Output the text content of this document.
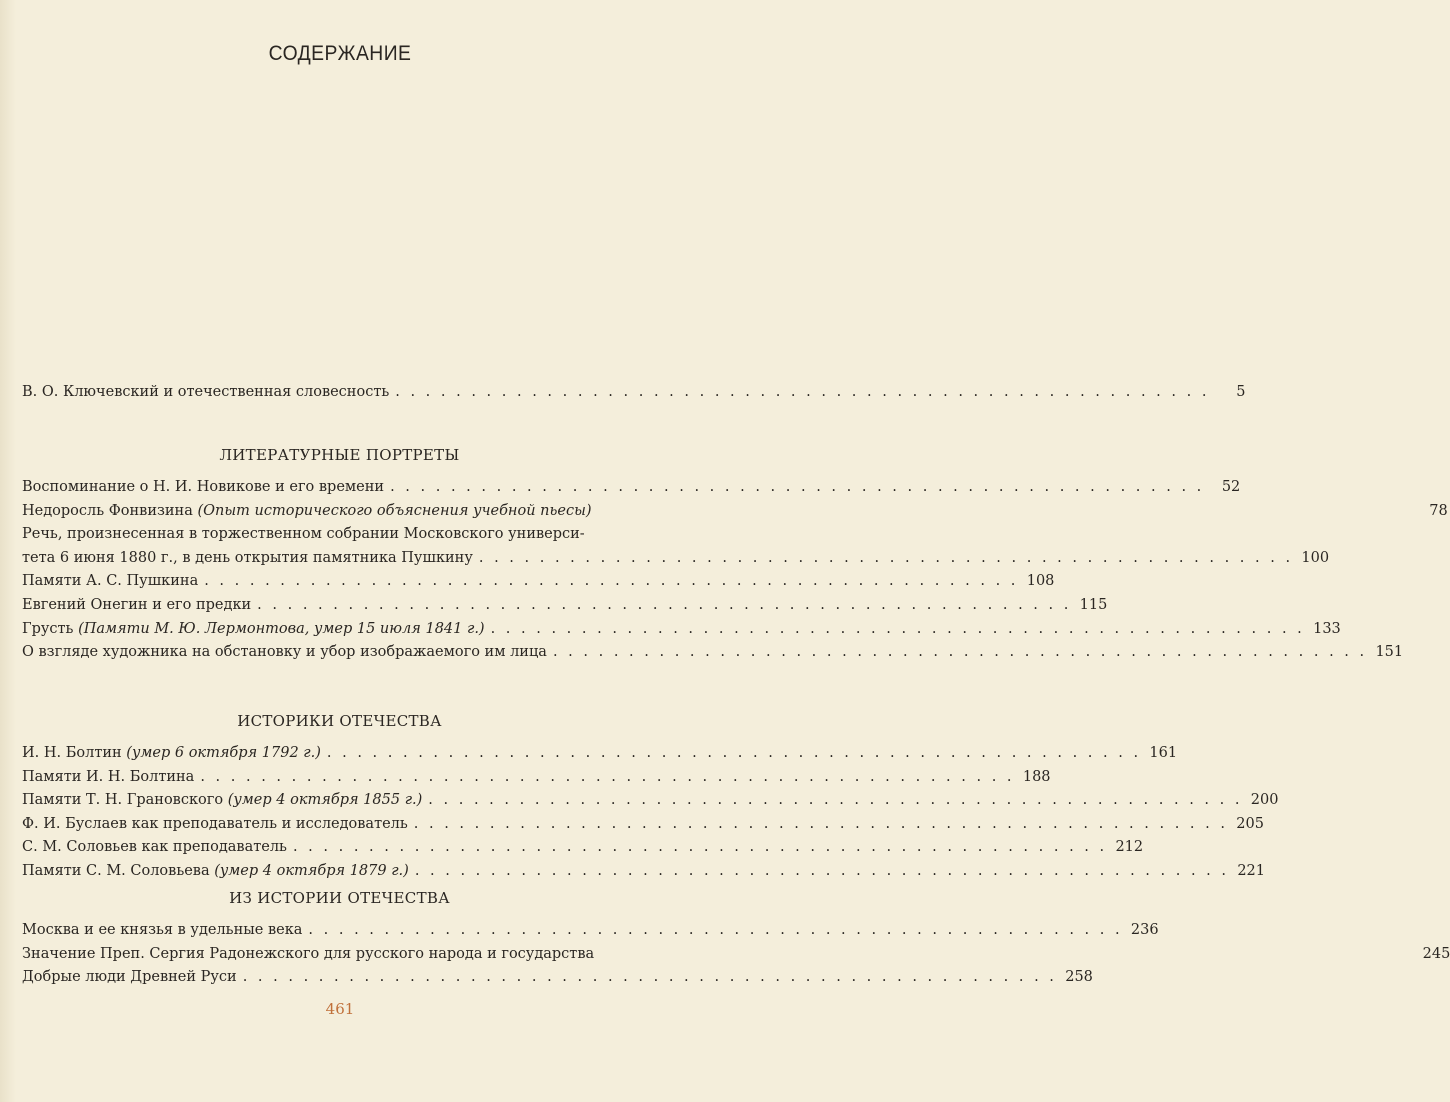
СОДЕРЖАНИЕ
В. О. Ключевский и отечественная словесность . . .	5
ЛИТЕРАТУРНЫЕ ПОРТРЕТЫ
Воспоминание о Н. И. Новикове и его времени . . .	52
Недоросль Фонвизина (Опыт исторического объяснения учебной пьесы)	78
Речь, произнесенная в торжественном собрании Московского универси-
тета 6 июня 1880 г., в день открытия памятника Пушкину . . .	100
Памяти А. С. Пушкина . . .	108
Евгений Онегин и его предки . . .	115
Грусть (Памяти М. Ю. Лермонтова, умер 15 июля 1841 г.) . . .	133
О взгляде художника на обстановку и убор изображаемого им лица . . .	151
ИСТОРИКИ ОТЕЧЕСТВА
И. Н. Болтин (умер 6 октября 1792 г.) . . .	161
Памяти И. Н. Болтина . . .	188
Памяти Т. Н. Грановского (умер 4 октября 1855 г.) . . .	200
Ф. И. Буслаев как преподаватель и исследователь . . .	205
С. М. Соловьев как преподаватель . . .	212
Памяти С. М. Соловьева (умер 4 октября 1879 г.) . . .	221
ИЗ ИСТОРИИ ОТЕЧЕСТВА
Москва и ее князья в удельные века . . .	236
Значение Преп. Сергия Радонежского для русского народа и государства	245
Добрые люди Древней Руси . . .	258
461
